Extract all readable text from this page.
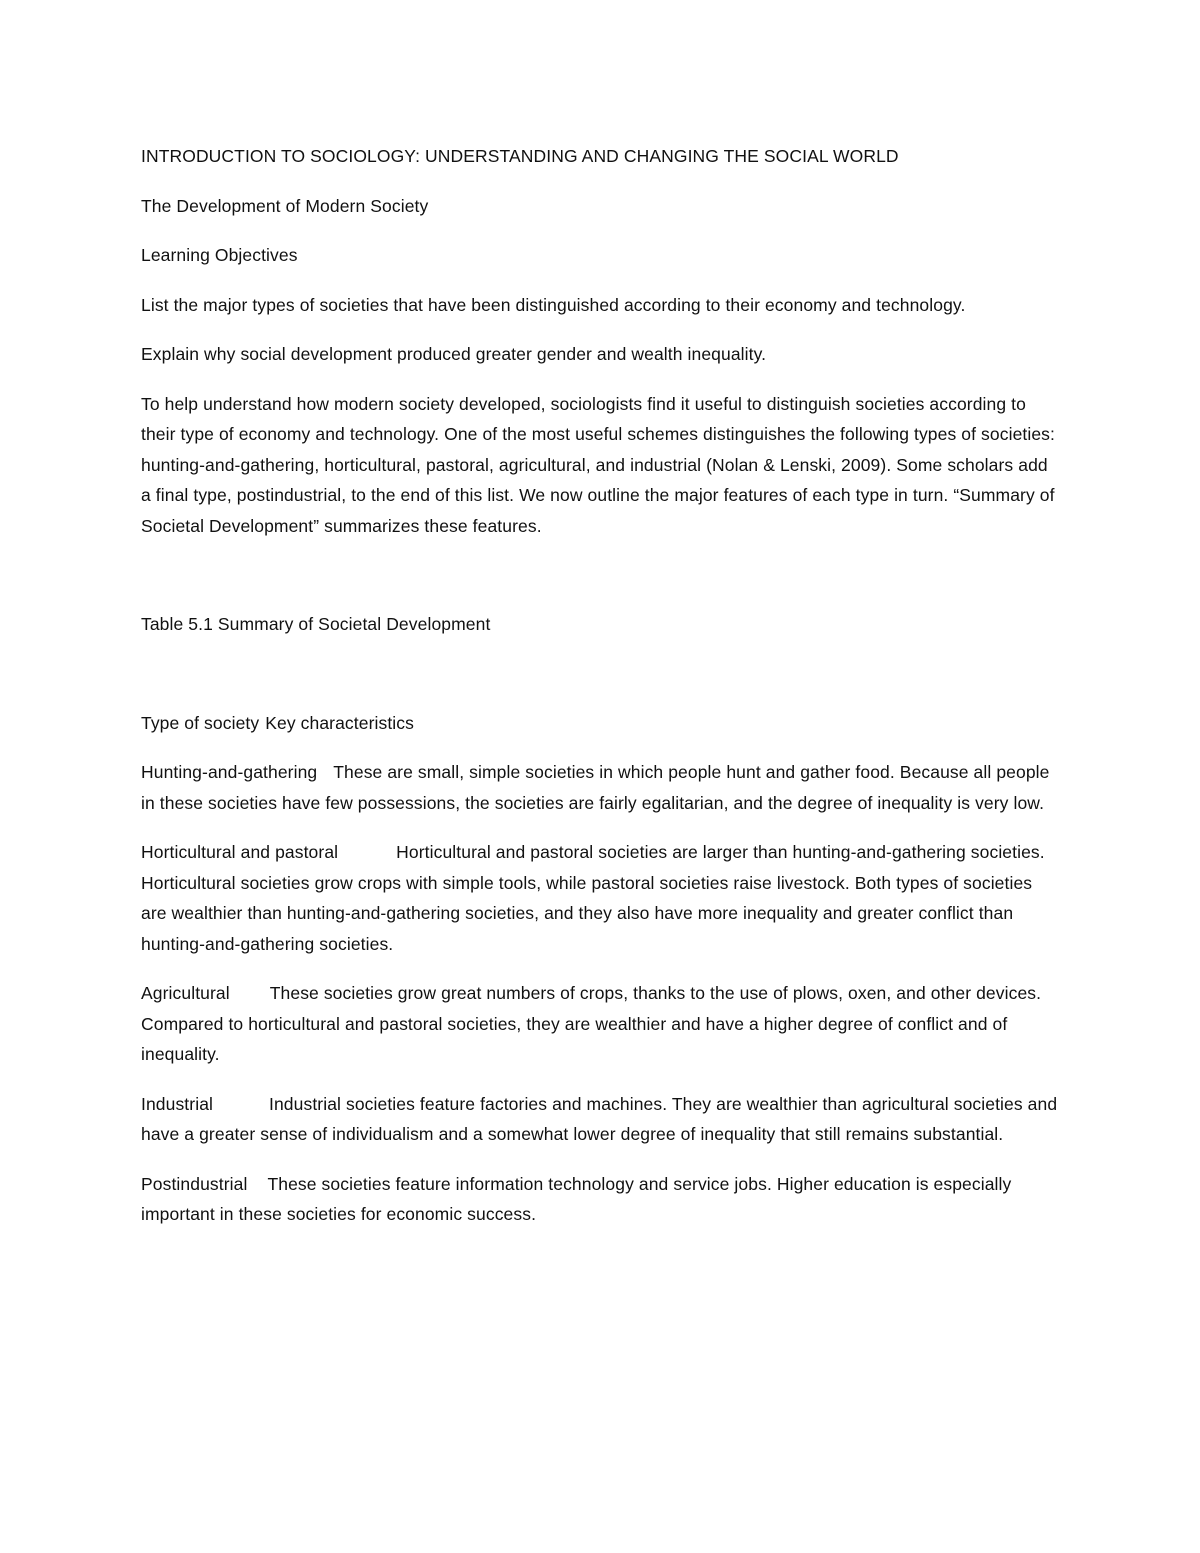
INTRODUCTION TO SOCIOLOGY: UNDERSTANDING AND CHANGING THE SOCIAL WORLD

The Development of Modern Society

Learning Objectives

List the major types of societies that have been distinguished according to their economy and technology.

Explain why social development produced greater gender and wealth inequality.

To help understand how modern society developed, sociologists find it useful to distinguish societies according to their type of economy and technology. One of the most useful schemes distinguishes the following types of societies: hunting-and-gathering, horticultural, pastoral, agricultural, and industrial (Nolan & Lenski, 2009). Some scholars add a final type, postindustrial, to the end of this list. We now outline the major features of each type in turn. “Summary of Societal Development” summarizes these features.

Table 5.1 Summary of Societal Development

Type of society Key characteristics

Hunting-and-gathering These are small, simple societies in which people hunt and gather food. Because all people in these societies have few possessions, the societies are fairly egalitarian, and the degree of inequality is very low.

Horticultural and pastoral	Horticultural and pastoral societies are larger than hunting-and-gathering societies. Horticultural societies grow crops with simple tools, while pastoral societies raise livestock. Both types of societies are wealthier than hunting-and-gathering societies, and they also have more inequality and greater conflict than hunting-and-gathering societies.

Agricultural These societies grow great numbers of crops, thanks to the use of plows, oxen, and other devices. Compared to horticultural and pastoral societies, they are wealthier and have a higher degree of conflict and of inequality.

Industrial	Industrial societies feature factories and machines. They are wealthier than agricultural societies and have a greater sense of individualism and a somewhat lower degree of inequality that still remains substantial.

Postindustrial These societies feature information technology and service jobs. Higher education is especially important in these societies for economic success.
